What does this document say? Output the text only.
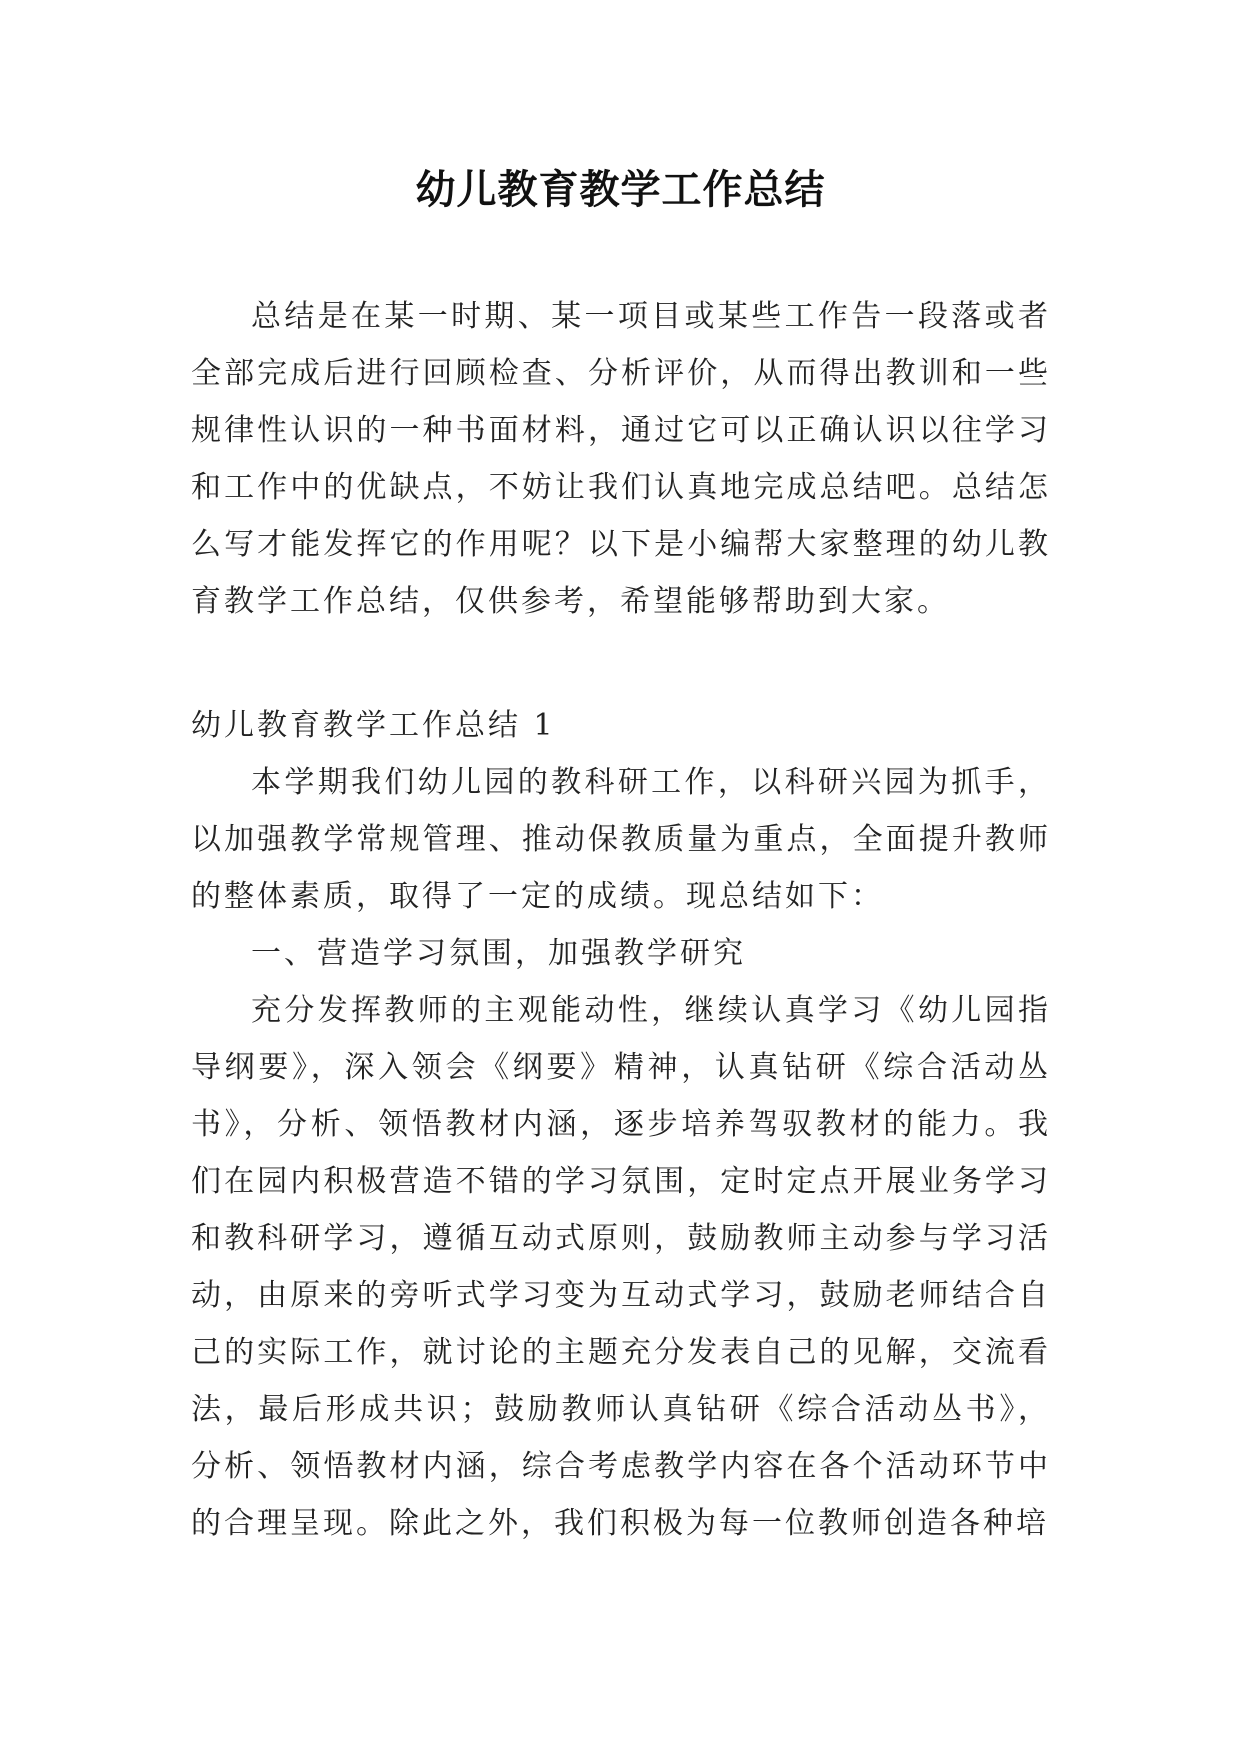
幼儿教育教学工作总结

总结是在某一时期、某一项目或某些工作告一段落或者全部完成后进行回顾检查、分析评价，从而得出教训和一些规律性认识的一种书面材料，通过它可以正确认识以往学习和工作中的优缺点，不妨让我们认真地完成总结吧。总结怎么写才能发挥它的作用呢？以下是小编帮大家整理的幼儿教育教学工作总结，仅供参考，希望能够帮助到大家。

幼儿教育教学工作总结 1

本学期我们幼儿园的教科研工作，以科研兴园为抓手，以加强教学常规管理、推动保教质量为重点，全面提升教师的整体素质，取得了一定的成绩。现总结如下：

一、营造学习氛围，加强教学研究

充分发挥教师的主观能动性，继续认真学习《幼儿园指导纲要》，深入领会《纲要》精神，认真钻研《综合活动丛书》，分析、领悟教材内涵，逐步培养驾驭教材的能力。我们在园内积极营造不错的学习氛围，定时定点开展业务学习和教科研学习，遵循互动式原则，鼓励教师主动参与学习活动，由原来的旁听式学习变为互动式学习，鼓励老师结合自己的实际工作，就讨论的主题充分发表自己的见解，交流看法，最后形成共识；鼓励教师认真钻研《综合活动丛书》，分析、领悟教材内涵，综合考虑教学内容在各个活动环节中的合理呈现。除此之外，我们积极为每一位教师创造各种培
